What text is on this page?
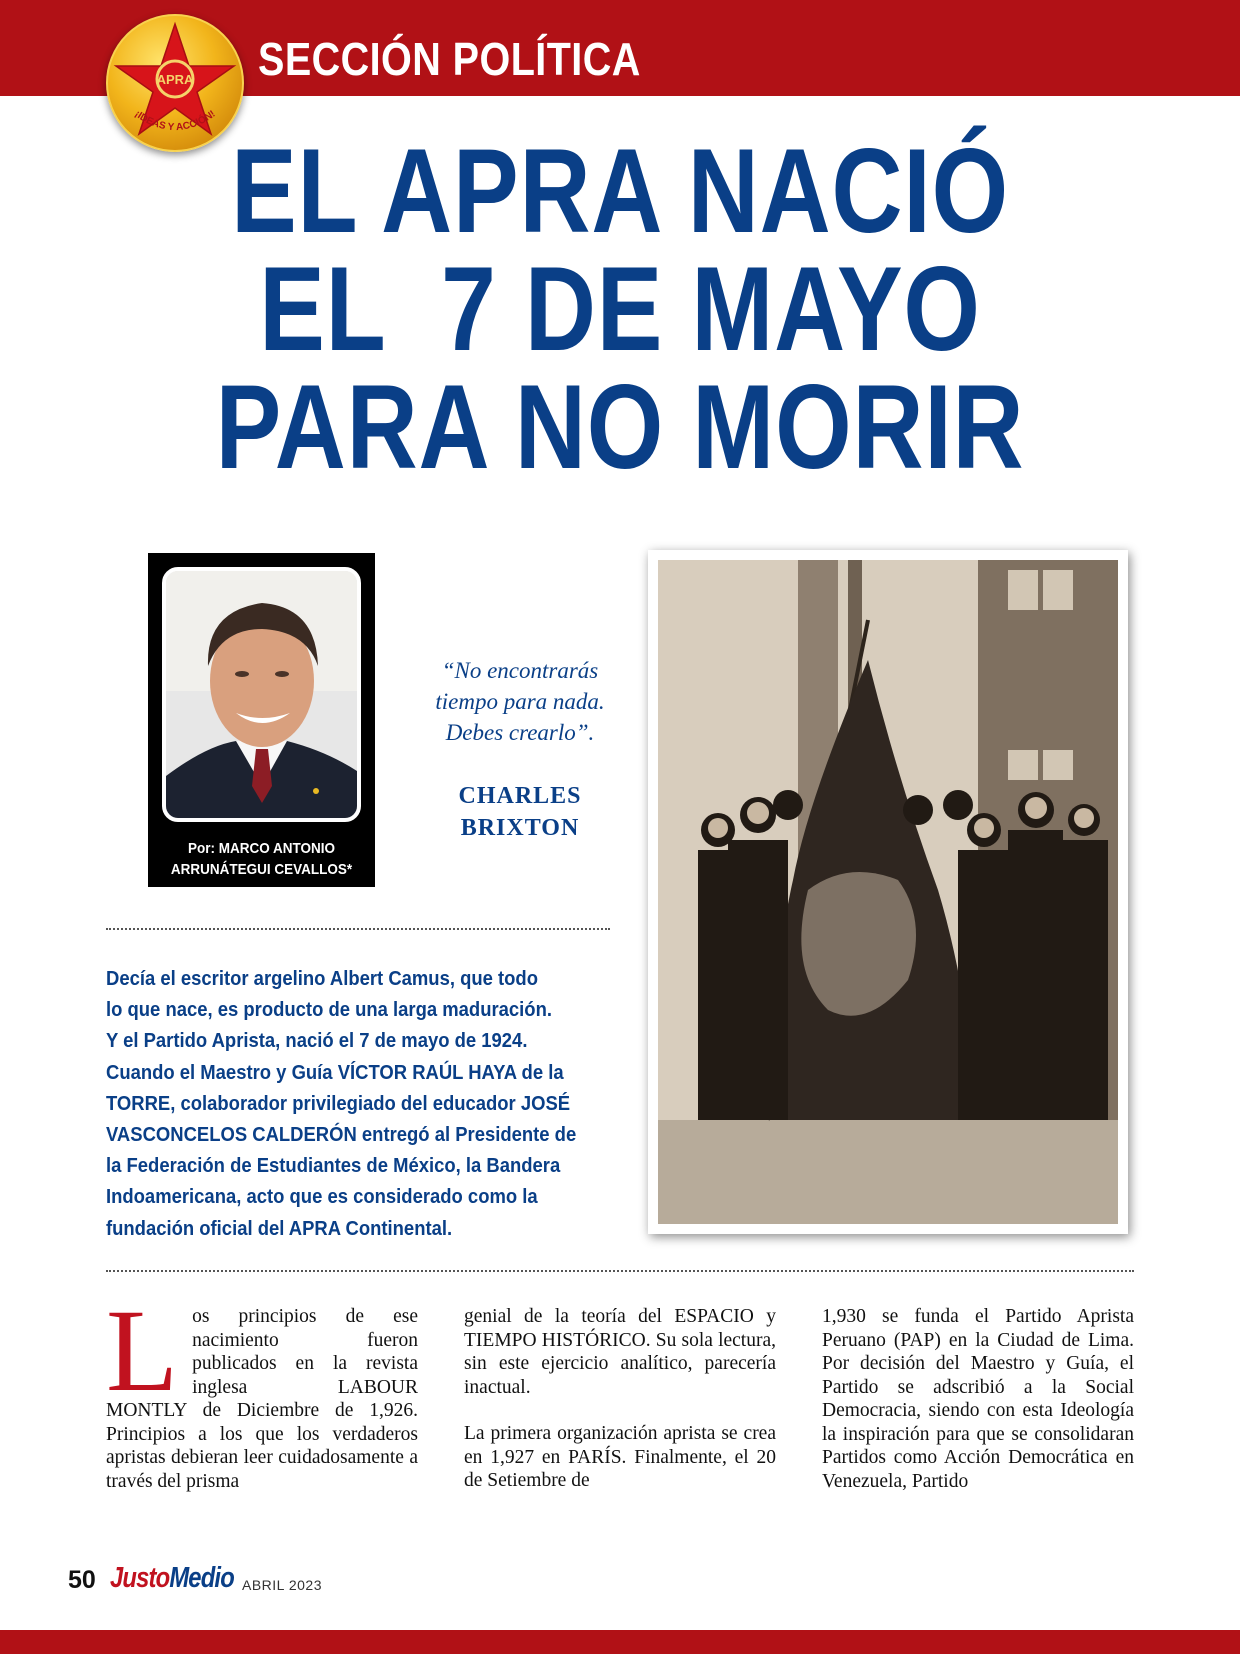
SECCIÓN POLÍTICA
APRA
¡IDEAS Y ACCIÓN!
EL APRA NACIÓ
EL  7 DE MAYO
PARA NO MORIR
Por: MARCO ANTONIO
ARRUNÁTEGUI CEVALLOS*
“No encontrarás
tiempo para nada.
Debes crearlo”.
CHARLES
BRIXTON
Decía el escritor argelino Albert Camus, que todo
lo que nace, es producto de una larga maduración.
Y el Partido Aprista, nació el 7 de mayo de 1924.
Cuando el Maestro y Guía VÍCTOR RAÚL HAYA de la
TORRE, colaborador privilegiado del educador JOSÉ
VASCONCELOS CALDERÓN entregó al Presidente de
la Federación de Estudiantes de México, la Bandera
Indoamericana, acto que es considerado como la
fundación oficial del APRA Continental.
L os principios de ese nacimiento fueron publicados en la revista inglesa LABOUR MONTLY de Diciembre de 1,926. Principios a los que los verdaderos apristas debieran leer cuidadosamente a través del prisma

genial de la teoría del ESPACIO y TIEMPO HISTÓRICO. Su sola lectura, sin este ejercicio analítico, parecería inactual.

La primera organización aprista se crea en 1,927 en PARÍS. Finalmente, el 20 de Setiembre de

1,930 se funda el Partido Aprista Peruano (PAP) en la Ciudad de Lima. Por decisión del Maestro y Guía, el Partido se adscribió a la Social Democracia, siendo con esta Ideología la inspiración para que se consolidaran Partidos como Acción Democrática en Venezuela, Partido

50 JustoMedio ABRIL 2023
